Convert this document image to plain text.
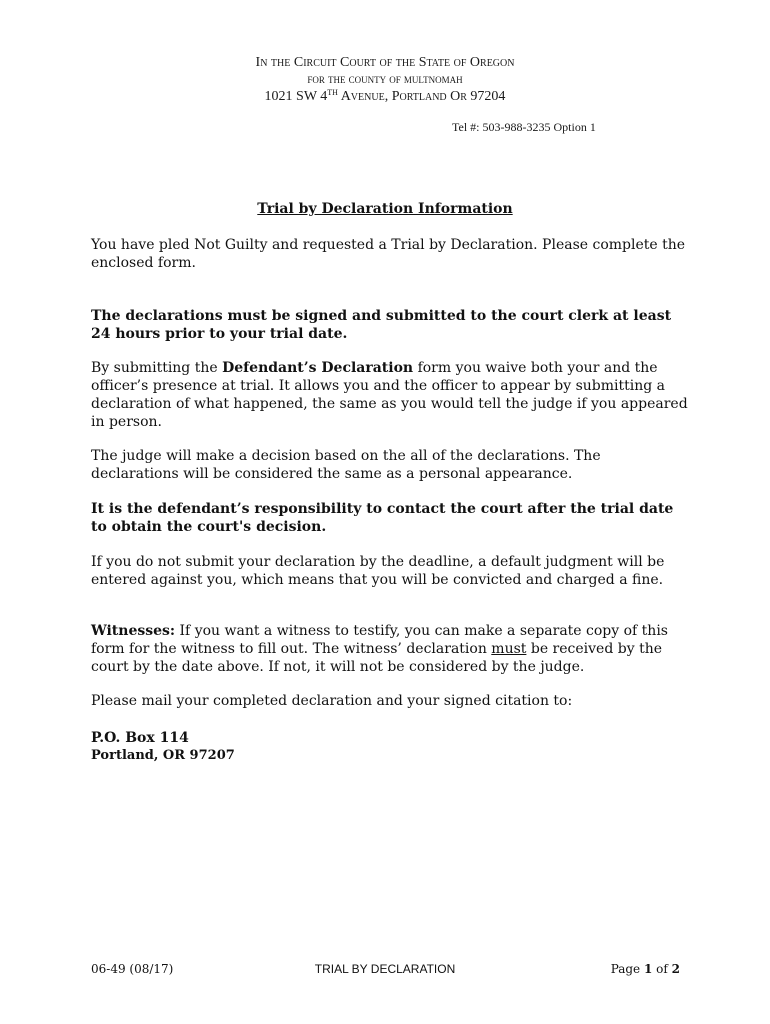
In the Circuit Court of the State of Oregon
for the county of multnomah
1021 SW 4TH Avenue, Portland Or 97204
Tel #: 503-988-3235 Option 1
Trial by Declaration Information
You have pled Not Guilty and requested a Trial by Declaration. Please complete the enclosed form.
The declarations must be signed and submitted to the court clerk at least 24 hours prior to your trial date.
By submitting the Defendant’s Declaration form you waive both your and the officer’s presence at trial. It allows you and the officer to appear by submitting a declaration of what happened, the same as you would tell the judge if you appeared in person.
The judge will make a decision based on the all of the declarations. The declarations will be considered the same as a personal appearance.
It is the defendant’s responsibility to contact the court after the trial date to obtain the court's decision.
If you do not submit your declaration by the deadline, a default judgment will be entered against you, which means that you will be convicted and charged a fine.
Witnesses: If you want a witness to testify, you can make a separate copy of this form for the witness to fill out. The witness’ declaration must be received by the court by the date above. If not, it will not be considered by the judge.
Please mail your completed declaration and your signed citation to:
P.O. Box 114
Portland, OR 97207
06-49 (08/17)	TRIAL BY DECLARATION	Page 1 of 2
